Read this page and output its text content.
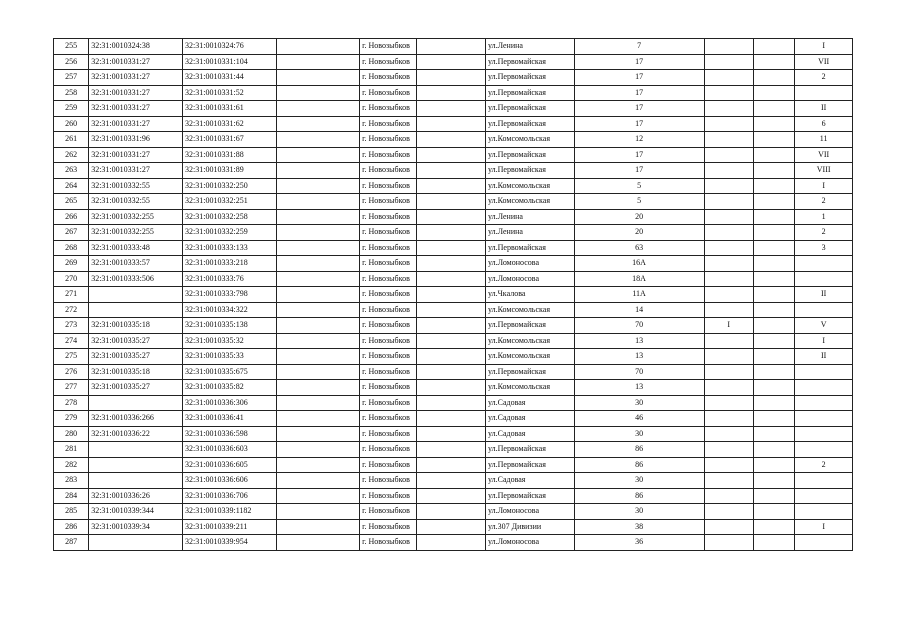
255	32:31:0010324:38	32:31:0010324:76		г. Новозыбков		ул.Ленина	7			I
256	32:31:0010331:27	32:31:0010331:104		г. Новозыбков		ул.Первомайская	17			VII
257	32:31:0010331:27	32:31:0010331:44		г. Новозыбков		ул.Первомайская	17			2
258	32:31:0010331:27	32:31:0010331:52		г. Новозыбков		ул.Первомайская	17			
259	32:31:0010331:27	32:31:0010331:61		г. Новозыбков		ул.Первомайская	17			II
260	32:31:0010331:27	32:31:0010331:62		г. Новозыбков		ул.Первомайская	17			6
261	32:31:0010331:96	32:31:0010331:67		г. Новозыбков		ул.Комсомольская	12			11
262	32:31:0010331:27	32:31:0010331:88		г. Новозыбков		ул.Первомайская	17			VII
263	32:31:0010331:27	32:31:0010331:89		г. Новозыбков		ул.Первомайская	17			VIII
264	32:31:0010332:55	32:31:0010332:250		г. Новозыбков		ул.Комсомольская	5			I
265	32:31:0010332:55	32:31:0010332:251		г. Новозыбков		ул.Комсомольская	5			2
266	32:31:0010332:255	32:31:0010332:258		г. Новозыбков		ул.Ленина	20			1
267	32:31:0010332:255	32:31:0010332:259		г. Новозыбков		ул.Ленина	20			2
268	32:31:0010333:48	32:31:0010333:133		г. Новозыбков		ул.Первомайская	63			3
269	32:31:0010333:57	32:31:0010333:218		г. Новозыбков		ул.Ломоносова	16А			
270	32:31:0010333:506	32:31:0010333:76		г. Новозыбков		ул.Ломоносова	18А			
271		32:31:0010333:798		г. Новозыбков		ул.Чкалова	11А			II
272		32:31:0010334:322		г. Новозыбков		ул.Комсомольская	14			
273	32:31:0010335:18	32:31:0010335:138		г. Новозыбков		ул.Первомайская	70	I		V
274	32:31:0010335:27	32:31:0010335:32		г. Новозыбков		ул.Комсомольская	13			I
275	32:31:0010335:27	32:31:0010335:33		г. Новозыбков		ул.Комсомольская	13			II
276	32:31:0010335:18	32:31:0010335:675		г. Новозыбков		ул.Первомайская	70			
277	32:31:0010335:27	32:31:0010335:82		г. Новозыбков		ул.Комсомольская	13			
278		32:31:0010336:306		г. Новозыбков		ул.Садовая	30			
279	32:31:0010336:266	32:31:0010336:41		г. Новозыбков		ул.Садовая	46			
280	32:31:0010336:22	32:31:0010336:598		г. Новозыбков		ул.Садовая	30			
281		32:31:0010336:603		г. Новозыбков		ул.Первомайская	86			
282		32:31:0010336:605		г. Новозыбков		ул.Первомайская	86			2
283		32:31:0010336:606		г. Новозыбков		ул.Садовая	30			
284	32:31:0010336:26	32:31:0010336:706		г. Новозыбков		ул.Первомайская	86			
285	32:31:0010339:344	32:31:0010339:1182		г. Новозыбков		ул.Ломоносова	30			
286	32:31:0010339:34	32:31:0010339:211		г. Новозыбков		ул.307 Дивизии	38			I
287		32:31:0010339:954		г. Новозыбков		ул.Ломоносова	36			
